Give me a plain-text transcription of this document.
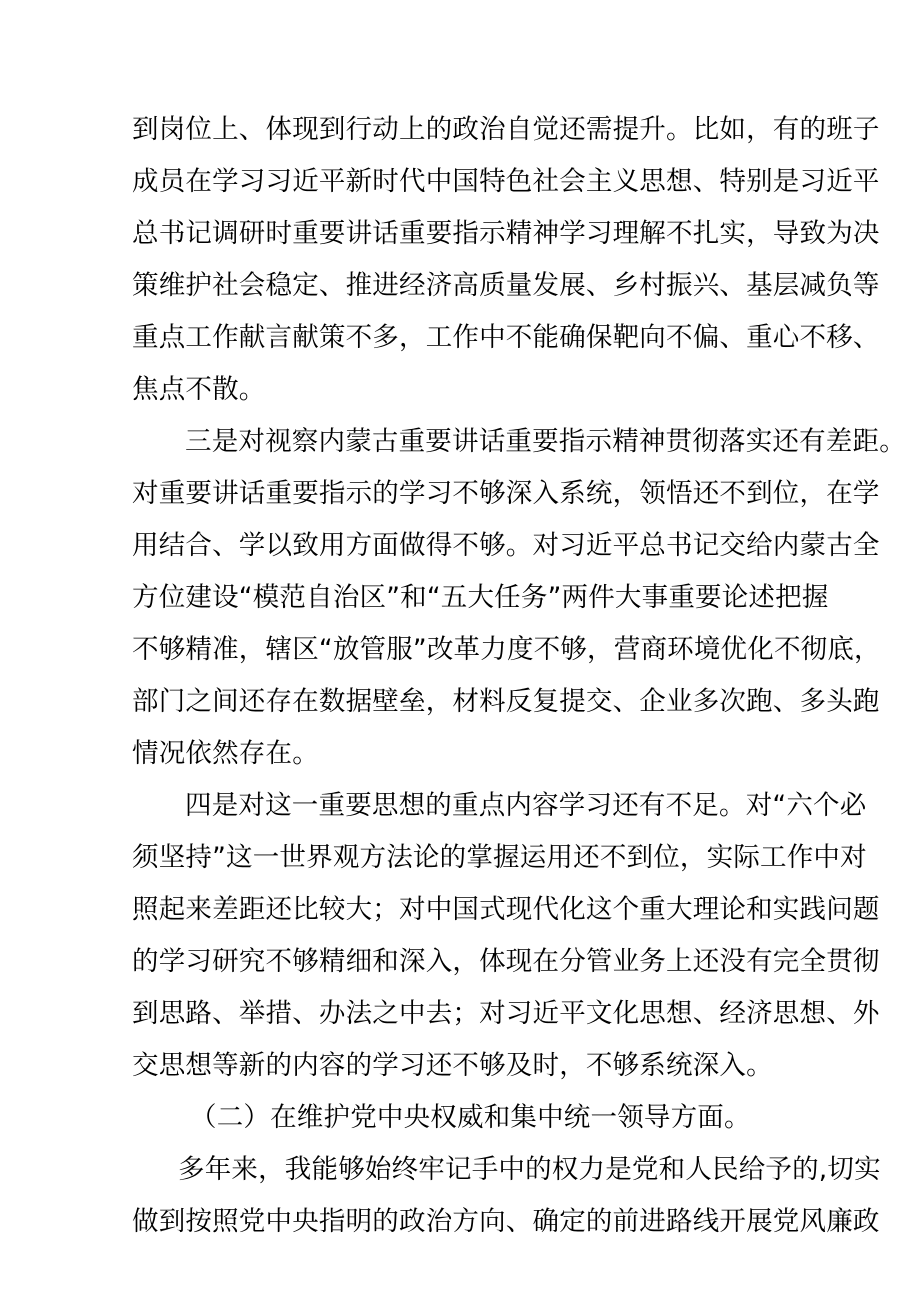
到岗位上、体现到行动上的政治自觉还需提升。比如，有的班子
成员在学习习近平新时代中国特色社会主义思想、特别是习近平
总书记调研时重要讲话重要指示精神学习理解不扎实，导致为决
策维护社会稳定、推进经济高质量发展、乡村振兴、基层减负等
重点工作献言献策不多，工作中不能确保靶向不偏、重心不移、
焦点不散。
三是对视察内蒙古重要讲话重要指示精神贯彻落实还有差距。
对重要讲话重要指示的学习不够深入系统，领悟还不到位，在学
用结合、学以致用方面做得不够。对习近平总书记交给内蒙古全
方位建设“模范自治区”和“五大任务”两件大事重要论述把握
不够精准，辖区“放管服”改革力度不够，营商环境优化不彻底，
部门之间还存在数据壁垒，材料反复提交、企业多次跑、多头跑
情况依然存在。
四是对这一重要思想的重点内容学习还有不足。对“六个必
须坚持”这一世界观方法论的掌握运用还不到位，实际工作中对
照起来差距还比较大；对中国式现代化这个重大理论和实践问题
的学习研究不够精细和深入，体现在分管业务上还没有完全贯彻
到思路、举措、办法之中去；对习近平文化思想、经济思想、外
交思想等新的内容的学习还不够及时，不够系统深入。
（二）在维护党中央权威和集中统一领导方面。
多年来，我能够始终牢记手中的权力是党和人民给予的,切实
做到按照党中央指明的政治方向、确定的前进路线开展党风廉政
